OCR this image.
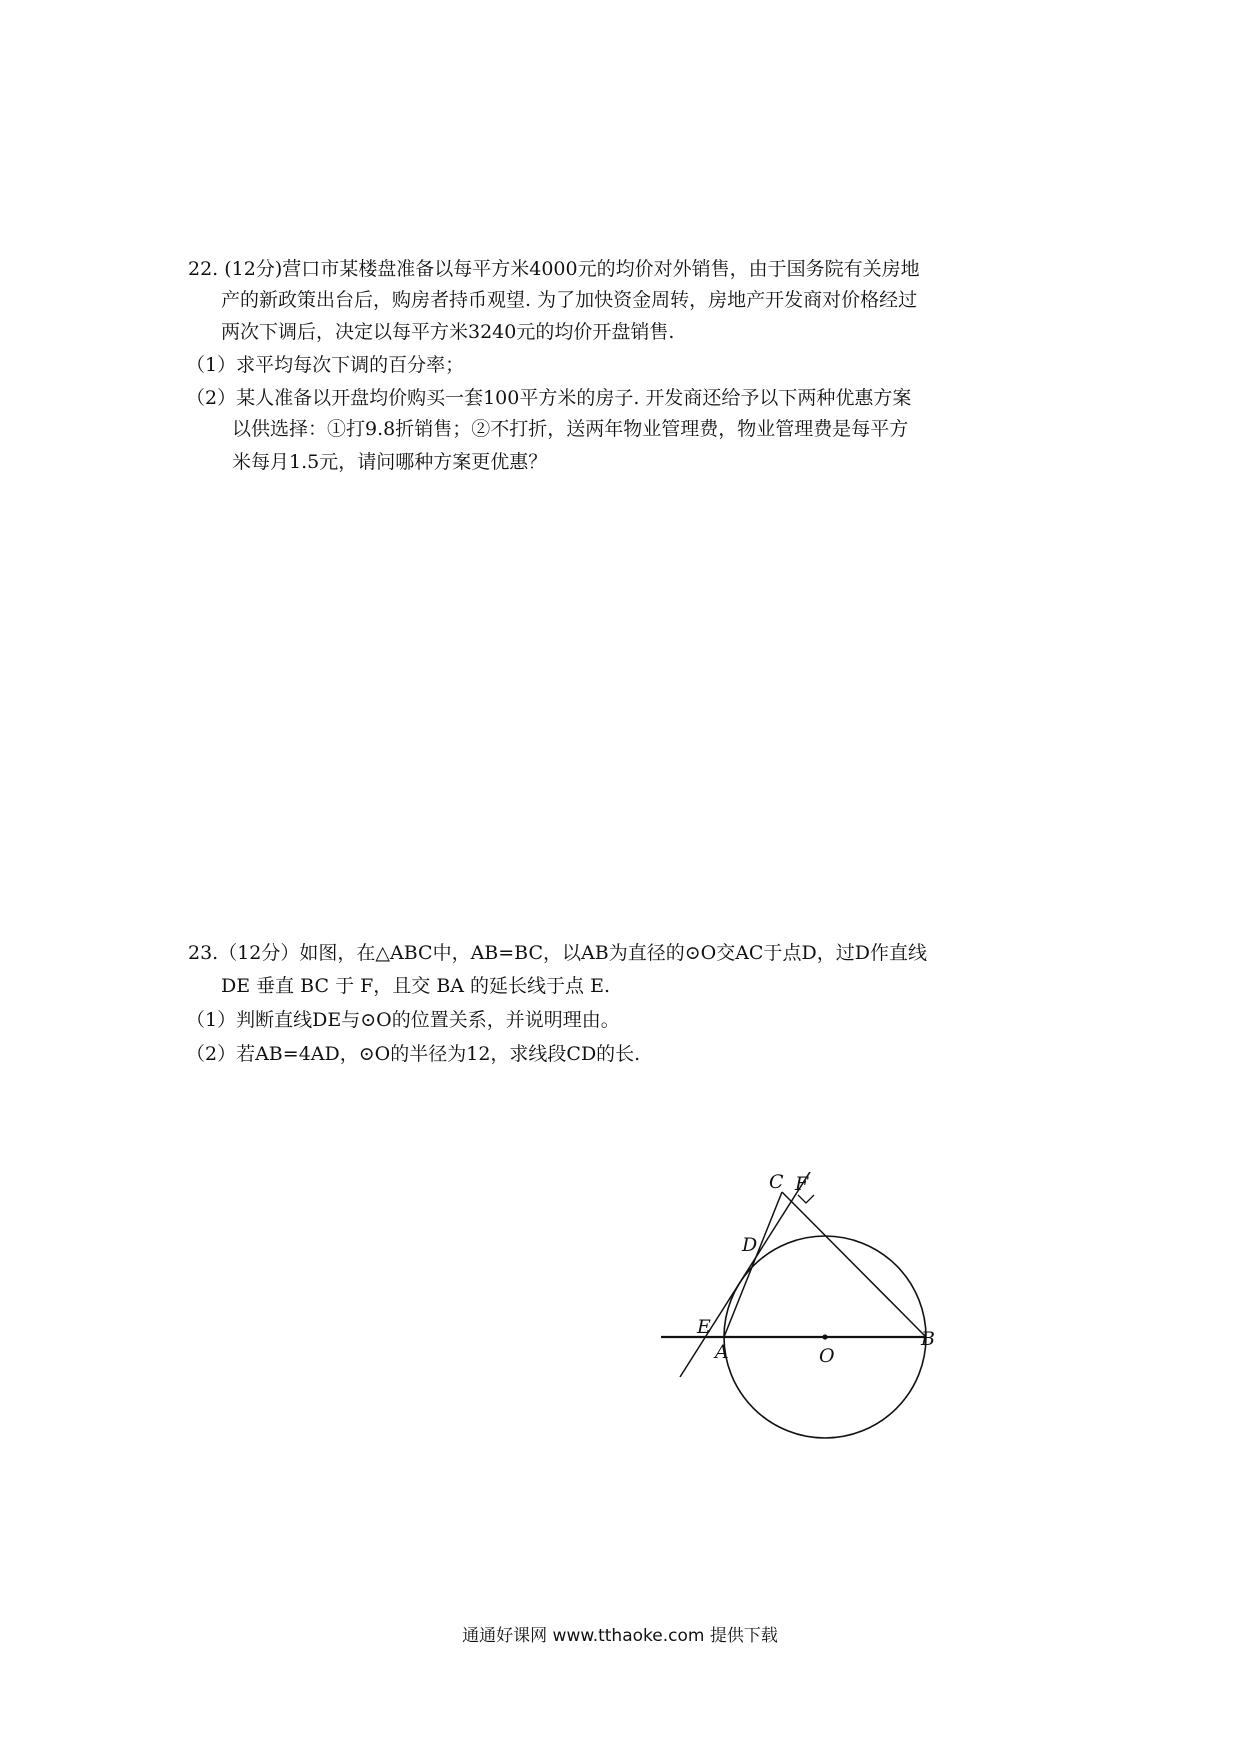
22. (12分)营口市某楼盘准备以每平方米4000元的均价对外销售，由于国务院有关房地
产的新政策出台后，购房者持币观望. 为了加快资金周转，房地产开发商对价格经过
两次下调后，决定以每平方米3240元的均价开盘销售.
（1）求平均每次下调的百分率；
（2）某人准备以开盘均价购买一套100平方米的房子. 开发商还给予以下两种优惠方案
以供选择：①打9.8折销售；②不打折，送两年物业管理费，物业管理费是每平方
米每月1.5元，请问哪种方案更优惠？
23.（12分）如图，在△ABC中，AB=BC，以AB为直径的⊙O交AC于点D，过D作直线
DE 垂直 BC 于 F，且交 BA 的延长线于点 E.
（1）判断直线DE与⊙O的位置关系，并说明理由。
（2）若AB=4AD，⊙O的半径为12，求线段CD的长.
C F
D
E
A	O
B
通通好课网 www.tthaoke.com 提供下载
